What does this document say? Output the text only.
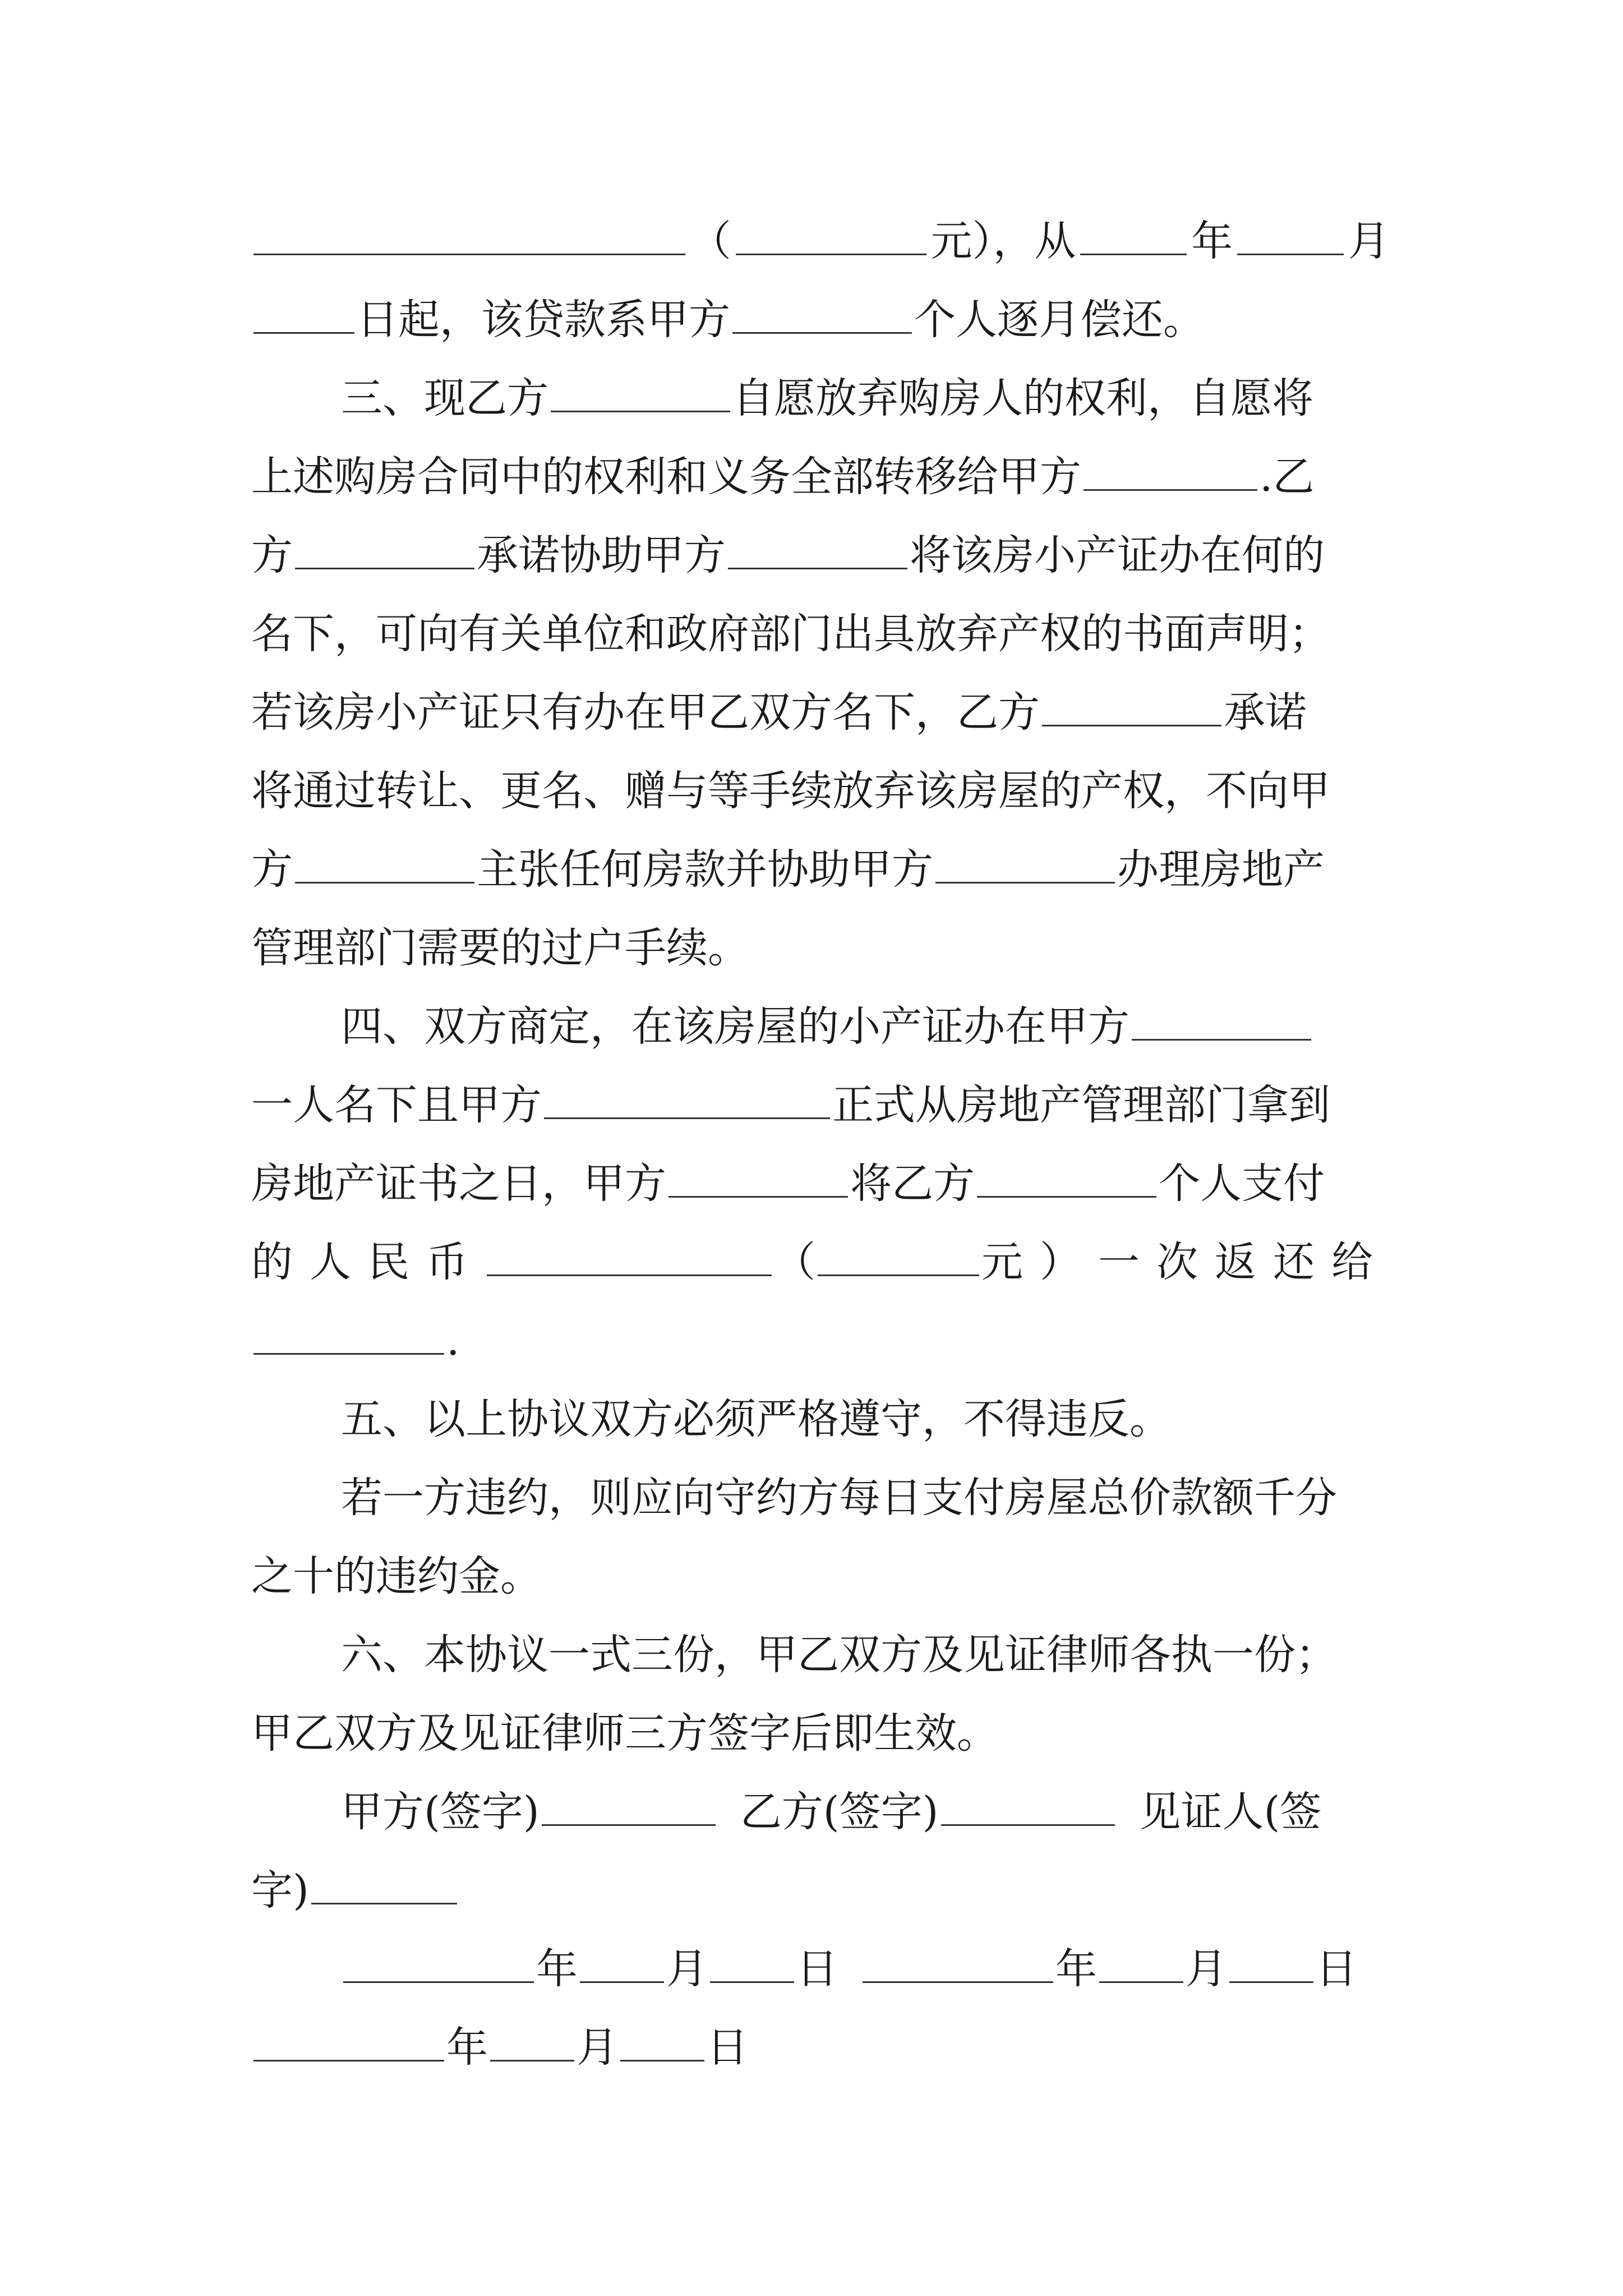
（	元），从	年	月
日起，该贷款系甲方	个人逐月偿还。
三、现乙方	自愿放弃购房人的权利，自愿将
上述购房合同中的权利和义务全部转移给甲方	.乙
方	承诺协助甲方	将该房小产证办在何的
名下，可向有关单位和政府部门出具放弃产权的书面声明；
若该房小产证只有办在甲乙双方名下，乙方	承诺
将通过转让、更名、赠与等手续放弃该房屋的产权，不向甲
方	主张任何房款并协助甲方	办理房地产
管理部门需要的过户手续。
四、双方商定，在该房屋的小产证办在甲方
一人名下且甲方	正式从房地产管理部门拿到
房地产证书之日，甲方	将乙方	个人支付
的人民币	（	元）一次返还给
.
五、以上协议双方必须严格遵守，不得违反。
若一方违约，则应向守约方每日支付房屋总价款额千分
之十的违约金。
六、本协议一式三份，甲乙双方及见证律师各执一份；
甲乙双方及见证律师三方签字后即生效。
甲方(签字)	乙方(签字)	见证人(签
字)
年 月 日	年 月 日
年 月 日
